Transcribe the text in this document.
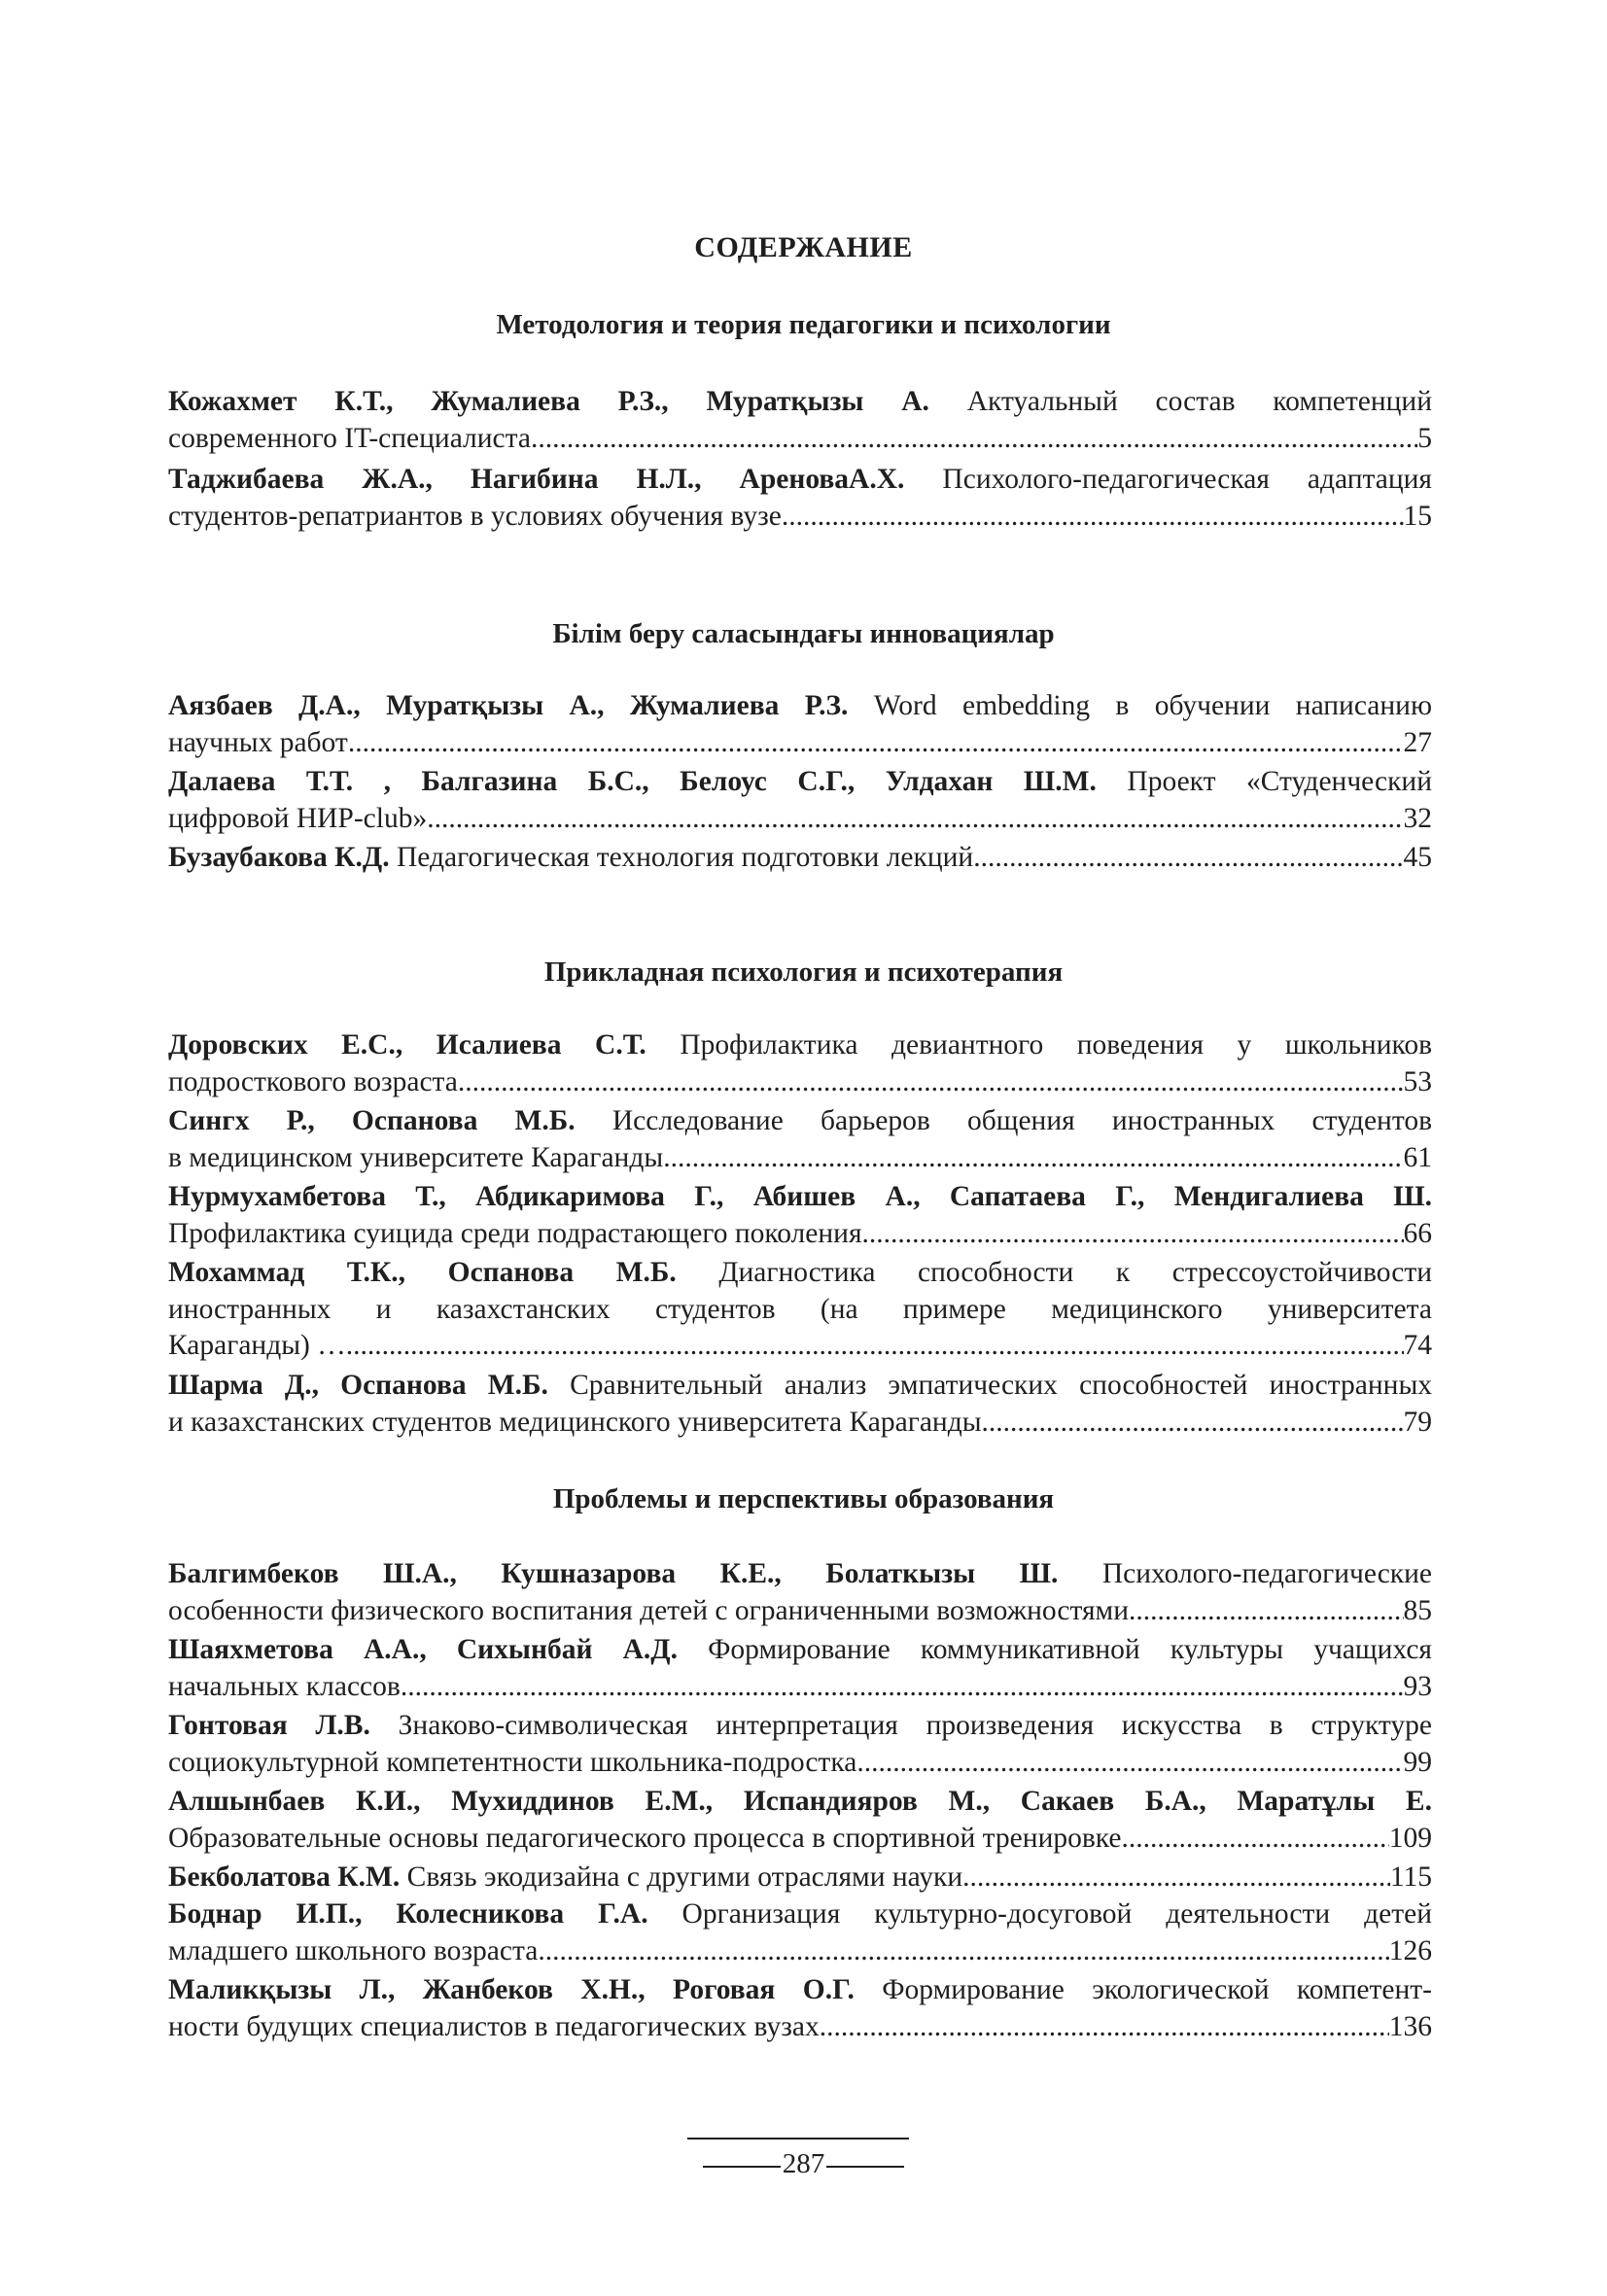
СОДЕРЖАНИЕ
Методология и теория педагогики и психологии
Кожахмет К.Т., Жумалиева Р.З., Муратқызы А. Актуальный состав компетенций
современного IT-специалиста .....	5
Таджибаева Ж.А., Нагибина Н.Л., АреноваА.Х. Психолого-педагогическая адаптация
студентов-репатриантов в условиях обучения вузе .....	15
Білім беру саласындағы инновациялар
Аязбаев Д.А., Муратқызы А., Жумалиева Р.З. Word embedding в обучении написанию
научных работ .....	27
Далаева Т.Т. , Балгазина Б.С., Белоус С.Г., Улдахан Ш.М. Проект «Студенческий
цифровой НИР-club» .....	32
Бузаубакова К.Д. Педагогическая технология подготовки лекций .....	45
Прикладная психология и психотерапия
Доровских Е.С., Исалиева С.Т. Профилактика девиантного поведения у школьников
подросткового возраста .....	53
Сингх Р., Оспанова М.Б. Исследование барьеров общения иностранных студентов
в медицинском университете Караганды .....	61
Нурмухамбетова Т., Абдикаримова Г., Абишев А., Сапатаева Г., Мендигалиева Ш.
Профилактика суицида среди подрастающего поколения .....	66
Мохаммад Т.К., Оспанова М.Б. Диагностика способности к стрессоустойчивости
иностранных и казахстанских студентов (на примере медицинского университета
Караганды) … .....	74
Шарма Д., Оспанова М.Б. Сравнительный анализ эмпатических способностей иностранных
и казахстанских студентов медицинского университета Караганды .....	79
Проблемы и перспективы образования
Балгимбеков Ш.А., Кушназарова К.Е., Болаткызы Ш. Психолого-педагогические
особенности физического воспитания детей с ограниченными возможностями .....	85
Шаяхметова А.А., Сихынбай А.Д. Формирование коммуникативной культуры учащихся
начальных классов .....	93
Гонтовая Л.В. Знаково-символическая интерпретация произведения искусства в структуре
социокультурной компетентности школьника-подростка .....	99
Алшынбаев К.И., Мухиддинов Е.М., Испандияров М., Сакаев Б.А., Маратұлы Е.
Образовательные основы педагогического процесса в спортивной тренировке .....	109
Бекболатова К.М. Связь экодизайна с другими отраслями науки .....	115
Боднар И.П., Колесникова Г.А. Организация культурно-досуговой деятельности детей
младшего школьного возраста .....	126
Маликқызы Л., Жанбеков Х.Н., Роговая О.Г. Формирование экологической компетент-
ности будущих специалистов в педагогических вузах .....	136
287
